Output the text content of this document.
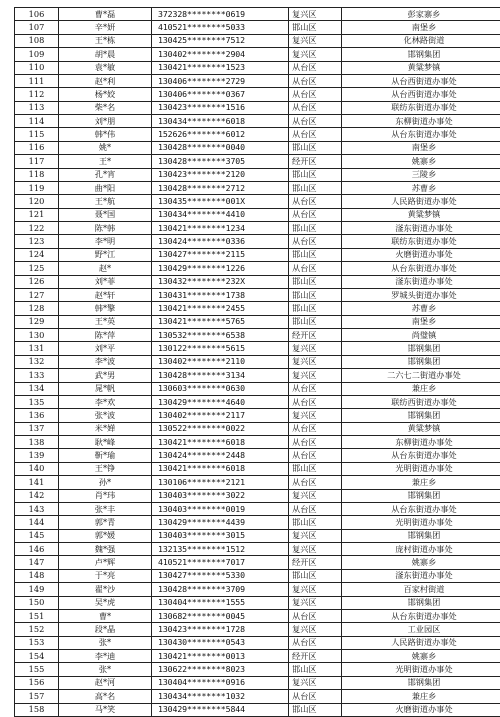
106	曹*磊	372328********0619	复兴区	彭家寨乡
107	辛*妍	410521********5033	邯山区	南堡乡
108	王*栋	130425********7512	复兴区	化林路街道
109	胡*晨	130402********2904	复兴区	邯钢集团
110	袁*敏	130421********1523	从台区	黄粱梦镇
111	赵*利	130406********2729	从台区	从台西街道办事处
112	杨*姣	130406********0367	从台区	从台西街道办事处
113	柴*名	130423********1516	从台区	联纺东街道办事处
114	刘*朋	130434********6018	从台区	东柳街道办事处
115	韩*伟	152626********6012	从台区	从台东街道办事处
116	姚*	130428********0040	邯山区	南堡乡
117	王*	130428********3705	经开区	姚寨乡
118	孔*宵	130423********2120	邯山区	三陵乡
119	曲*阳	130428********2712	邯山区	苏曹乡
120	王*航	130435********001X	从台区	人民路街道办事处
121	聂*国	130434********4410	从台区	黄粱梦镇
122	陈*韩	130421********1234	邯山区	滏东街道办事处
123	李*明	130424********0336	从台区	联纺东街道办事处
124	野*江	130427********2115	邯山区	火磨街道办事处
125	赵*	130429********1226	从台区	从台东街道办事处
126	刘*菲	130432********232X	邯山区	滏东街道办事处
127	赵*轩	130431********1738	邯山区	罗城头街道办事处
128	韩*擎	130421********2455	邯山区	苏曹乡
129	王*英	130421********5765	邯山区	南堡乡
130	陈*萍	130532********6538	经开区	尚璧镇
131	刘*平	130122********5615	复兴区	邯钢集团
132	李*波	130402********2110	复兴区	邯钢集团
133	武*男	130428********3134	复兴区	二六七二街道办事处
134	晁*帆	130603********0630	从台区	兼庄乡
135	李*欢	130429********4640	从台区	联纺西街道办事处
136	张*波	130402********2117	复兴区	邯钢集团
137	米*婵	130522********0022	从台区	黄粱梦镇
138	耿*峰	130421********6018	从台区	东柳街道办事处
139	靳*瑜	130424********2448	从台区	从台东街道办事处
140	王*铮	130421********6018	邯山区	光明街道办事处
141	孙*	130106********2121	从台区	兼庄乡
142	肖*玮	130403********3022	复兴区	邯钢集团
143	张*丰	130403********0019	从台区	从台东街道办事处
144	郭*青	130429********4439	邯山区	光明街道办事处
145	郭*媛	130403********3015	复兴区	邯钢集团
146	魏*强	132135********1512	复兴区	庞村街道办事处
147	卢*辉	410521********7017	经开区	姚寨乡
148	于*亮	130427********5330	邯山区	滏东街道办事处
149	翟*沙	130428********3709	复兴区	百家村街道
150	吴*虎	130404********1555	复兴区	邯钢集团
151	曹*	130682********0045	从台区	从台东街道办事处
152	段*晶	130423********1728	复兴区	工业园区
153	张*	130430********0543	从台区	人民路街道办事处
154	李*迪	130421********0013	经开区	姚寨乡
155	张*	130622********8023	邯山区	光明街道办事处
156	赵*河	130404********0916	复兴区	邯钢集团
157	高*名	130434********1032	从台区	兼庄乡
158	马*笑	130429********5844	邯山区	火磨街道办事处
